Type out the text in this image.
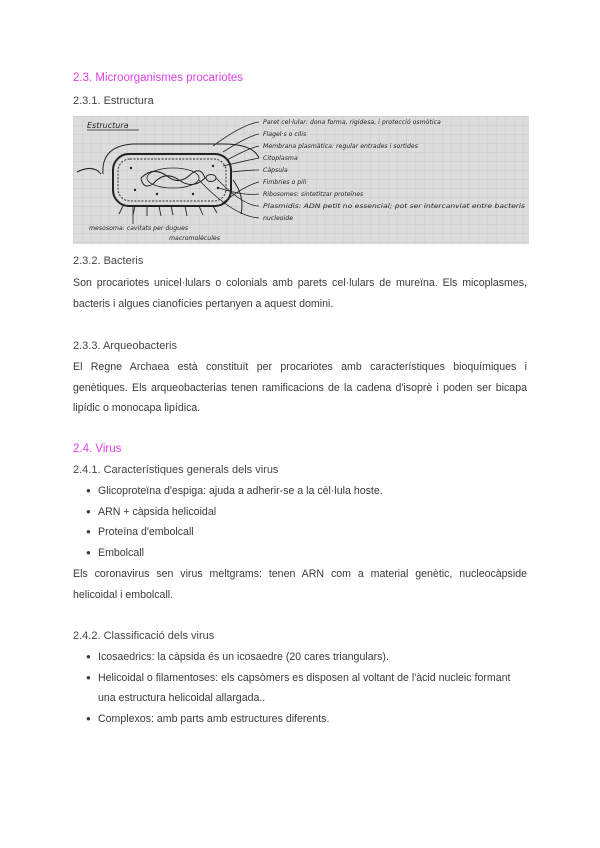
2.3. Microorganismes procariotes
2.3.1. Estructura
Estructura	Paret cel·lular: dona forma, rigidesa, i protecció osmòtica
Flagel·s o cilis
Membrana plasmàtica: regular entrades i sortides
Citoplasma
Càpsula
Fimbries o pili
Ribosomes: sintetitzar proteïnes
Plasmidis: ADN petit no essencial; pot ser intercanviat entre bacteris
nucleoide
mesosoma: cavitats per dugues
macromolècules
2.3.2. Bacteris
Son procariotes unicel·lulars o colonials amb parets cel·lulars de mureïna. Els micoplasmes, bacteris i algues cianofícies pertanyen a aquest domini.
2.3.3. Arqueobacteris
El Regne Archaea està constituït per procariotes amb característiques bioquímiques i genètiques. Els arqueobacterias tenen ramificacions de la cadena d'isoprè i poden ser bicapa lipídic o monocapa lipídica.
2.4. Virus
2.4.1. Característiques generals dels virus
● Glicoproteïna d'espiga: ajuda a adherir-se a la cèl·lula hoste.
● ARN + càpsida helicoidal
● Proteïna d'embolcall
● Embolcall
Els coronavirus sen virus meltgrams: tenen ARN com a material genètic, nucleocàpside helicoidal i embolcall.
2.4.2. Classificació dels virus
● Icosaedrics: la càpsida és un icosaedre (20 cares triangulars).
● Helicoidal o filamentoses: els capsòmers es disposen al voltant de l'àcid nucleic formant una estructura helicoidal allargada..
● Complexos: amb parts amb estructures diferents.
